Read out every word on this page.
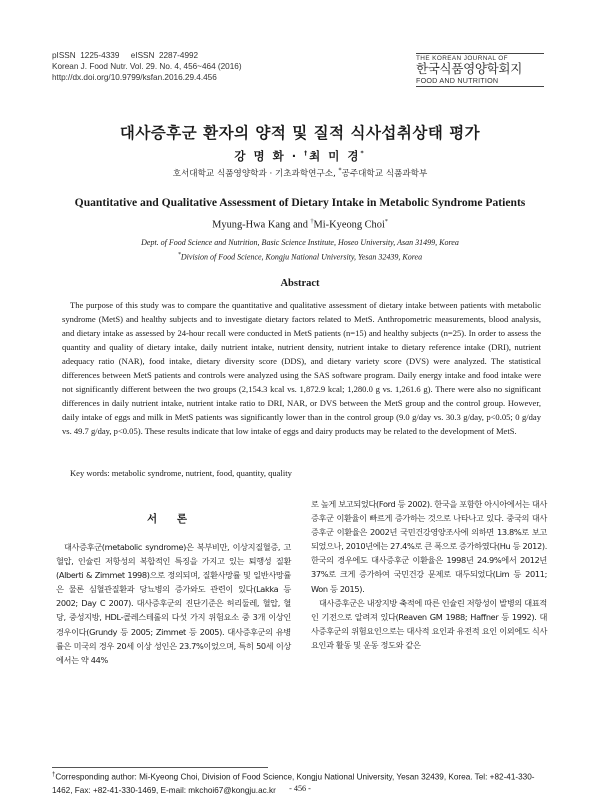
pISSN  1225-4339     eISSN  2287-4992
Korean J. Food Nutr. Vol. 29. No. 4, 456~464 (2016)
http://dx.doi.org/10.9799/ksfan.2016.29.4.456
THE KOREAN JOURNAL OF
한국식품영양학회지
FOOD AND NUTRITION
대사증후군 환자의 양적 및 질적 식사섭취상태 평가
강 명 화 · †최 미 경*
호서대학교 식품영양학과 · 기초과학연구소, *공주대학교 식품과학부
Quantitative and Qualitative Assessment of Dietary Intake in Metabolic Syndrome Patients
Myung-Hwa Kang and †Mi-Kyeong Choi*
Dept. of Food Science and Nutrition, Basic Science Institute, Hoseo University, Asan 31499, Korea
*Division of Food Science, Kongju National University, Yesan 32439, Korea
Abstract
The purpose of this study was to compare the quantitative and qualitative assessment of dietary intake between patients with metabolic syndrome (MetS) and healthy subjects and to investigate dietary factors related to MetS. Anthropometric measurements, blood analysis, and dietary intake as assessed by 24-hour recall were conducted in MetS patients (n=15) and healthy subjects (n=25). In order to assess the quantity and quality of dietary intake, daily nutrient intake, nutrient density, nutrient intake to dietary reference intake (DRI), nutrient adequacy ratio (NAR), food intake, dietary diversity score (DDS), and dietary variety score (DVS) were analyzed. The statistical differences between MetS patients and controls were analyzed using the SAS software program. Daily energy intake and food intake were not significantly different between the two groups (2,154.3 kcal vs. 1,872.9 kcal; 1,280.0 g vs. 1,261.6 g). There were also no significant differences in daily nutrient intake, nutrient intake ratio to DRI, NAR, or DVS between the MetS group and the control group. However, daily intake of eggs and milk in MetS patients was significantly lower than in the control group (9.0 g/day vs. 30.3 g/day, p<0.05; 0 g/day vs. 49.7 g/day, p<0.05). These results indicate that low intake of eggs and dairy products may be related to the development of MetS.
Key words: metabolic syndrome, nutrient, food, quantity, quality
서 론

대사증후군(metabolic syndrome)은 복부비만, 이상지질혈증, 고혈압, 인슐린 저항성의 복합적인 특징을 가지고 있는 퇴행성 질환(Alberti & Zimmet 1998)으로 정의되며, 질환사망률 및 일반사망률은 물론 심혈관질환과 당뇨병의 증가와도 관련이 있다(Lakka 등 2002; Day C 2007). 대사증후군의 진단기준은 허리둘레, 혈압, 혈당, 중성지방, HDL-콜레스테롤의 다섯 가지 위험요소 중 3개 이상인 경우이다(Grundy 등 2005; Zimmet 등 2005). 대사증후군의 유병률은 미국의 경우 20세 이상 성인은 23.7%이었으며, 특히 50세 이상에서는 약 44%

로 높게 보고되었다(Ford 등 2002). 한국을 포함한 아시아에서는 대사증후군 이환율이 빠르게 증가하는 것으로 나타나고 있다. 중국의 대사증후군 이환율은 2002년 국민건강영양조사에 의하면 13.8%로 보고되었으나, 2010년에는 27.4%로 큰 폭으로 증가하였다(Hu 등 2012). 한국의 경우에도 대사증후군 이환율은 1998년 24.9%에서 2012년 37%로 크게 증가하여 국민건강 문제로 대두되었다(Lim 등 2011; Won 등 2015).

대사증후군은 내장지방 축적에 따른 인슐린 저항성이 발병의 대표적인 기전으로 알려져 있다(Reaven GM 1988; Haffner 등 1992). 대사증후군의 위험요인으로는 대사적 요인과 유전적 요인 이외에도 식사요인과 활동 및 운동 정도와 같은

†Corresponding author: Mi-Kyeong Choi, Division of Food Science, Kongju National University, Yesan 32439, Korea. Tel: +82-41-330-1462, Fax: +82-41-330-1469, E-mail: mkchoi67@kongju.ac.kr	- 456 -
